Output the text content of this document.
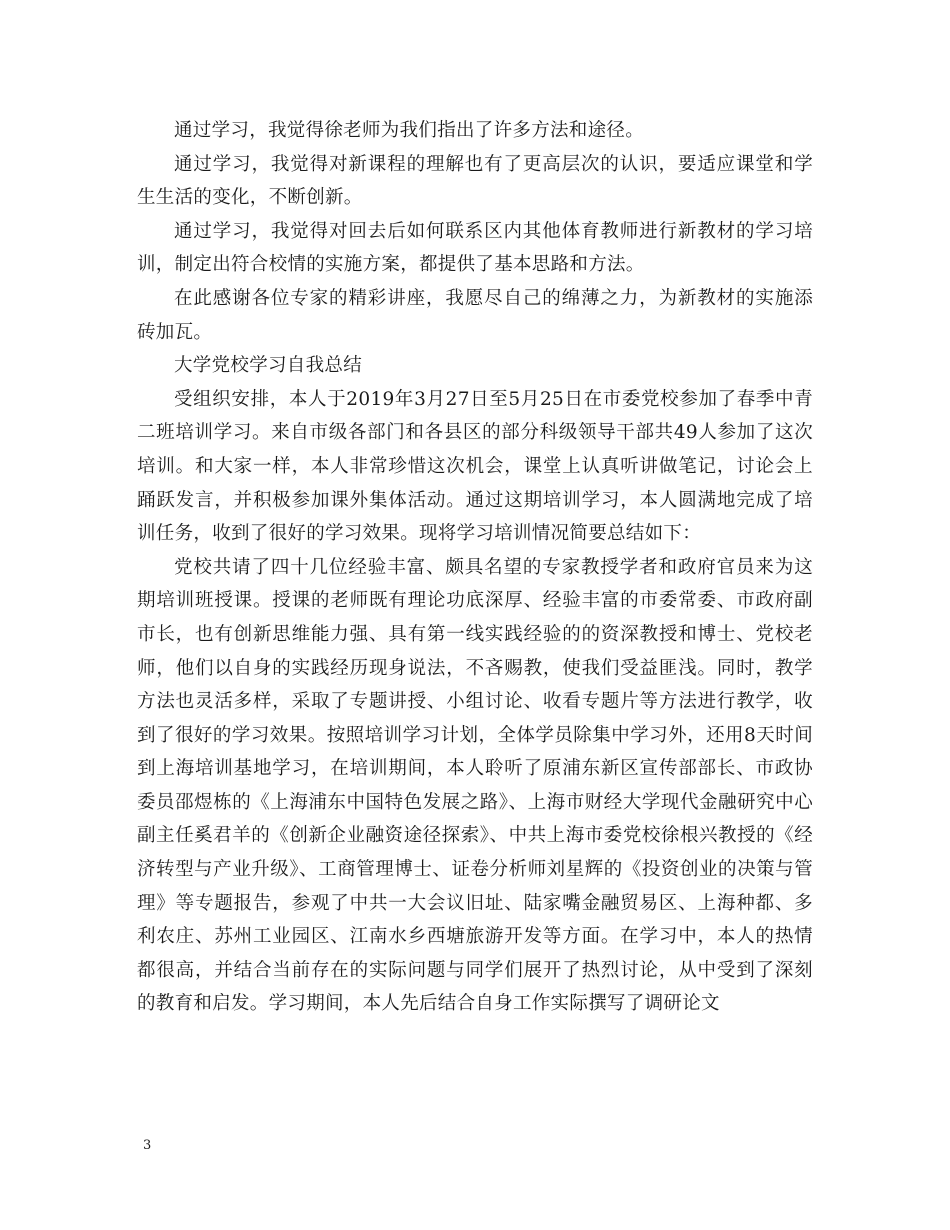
通过学习，我觉得徐老师为我们指出了许多方法和途径。

通过学习，我觉得对新课程的理解也有了更高层次的认识，要适应课堂和学生生活的变化，不断创新。

通过学习，我觉得对回去后如何联系区内其他体育教师进行新教材的学习培训，制定出符合校情的实施方案，都提供了基本思路和方法。

在此感谢各位专家的精彩讲座，我愿尽自己的绵薄之力，为新教材的实施添砖加瓦。

大学党校学习自我总结

受组织安排，本人于2019年3月27日至5月25日在市委党校参加了春季中青二班培训学习。来自市级各部门和各县区的部分科级领导干部共49人参加了这次培训。和大家一样，本人非常珍惜这次机会，课堂上认真听讲做笔记，讨论会上踊跃发言，并积极参加课外集体活动。通过这期培训学习，本人圆满地完成了培训任务，收到了很好的学习效果。现将学习培训情况简要总结如下：

党校共请了四十几位经验丰富、颇具名望的专家教授学者和政府官员来为这期培训班授课。授课的老师既有理论功底深厚、经验丰富的市委常委、市政府副市长，也有创新思维能力强、具有第一线实践经验的的资深教授和博士、党校老师，他们以自身的实践经历现身说法，不吝赐教，使我们受益匪浅。同时，教学方法也灵活多样，采取了专题讲授、小组讨论、收看专题片等方法进行教学，收到了很好的学习效果。按照培训学习计划，全体学员除集中学习外，还用8天时间到上海培训基地学习，在培训期间，本人聆听了原浦东新区宣传部部长、市政协委员邵煜栋的《上海浦东中国特色发展之路》、上海市财经大学现代金融研究中心副主任奚君羊的《创新企业融资途径探索》、中共上海市委党校徐根兴教授的《经济转型与产业升级》、工商管理博士、证卷分析师刘星辉的《投资创业的决策与管理》等专题报告，参观了中共一大会议旧址、陆家嘴金融贸易区、上海种都、多利农庄、苏州工业园区、江南水乡西塘旅游开发等方面。在学习中，本人的热情都很高，并结合当前存在的实际问题与同学们展开了热烈讨论，从中受到了深刻的教育和启发。学习期间，本人先后结合自身工作实际撰写了调研论文

3
